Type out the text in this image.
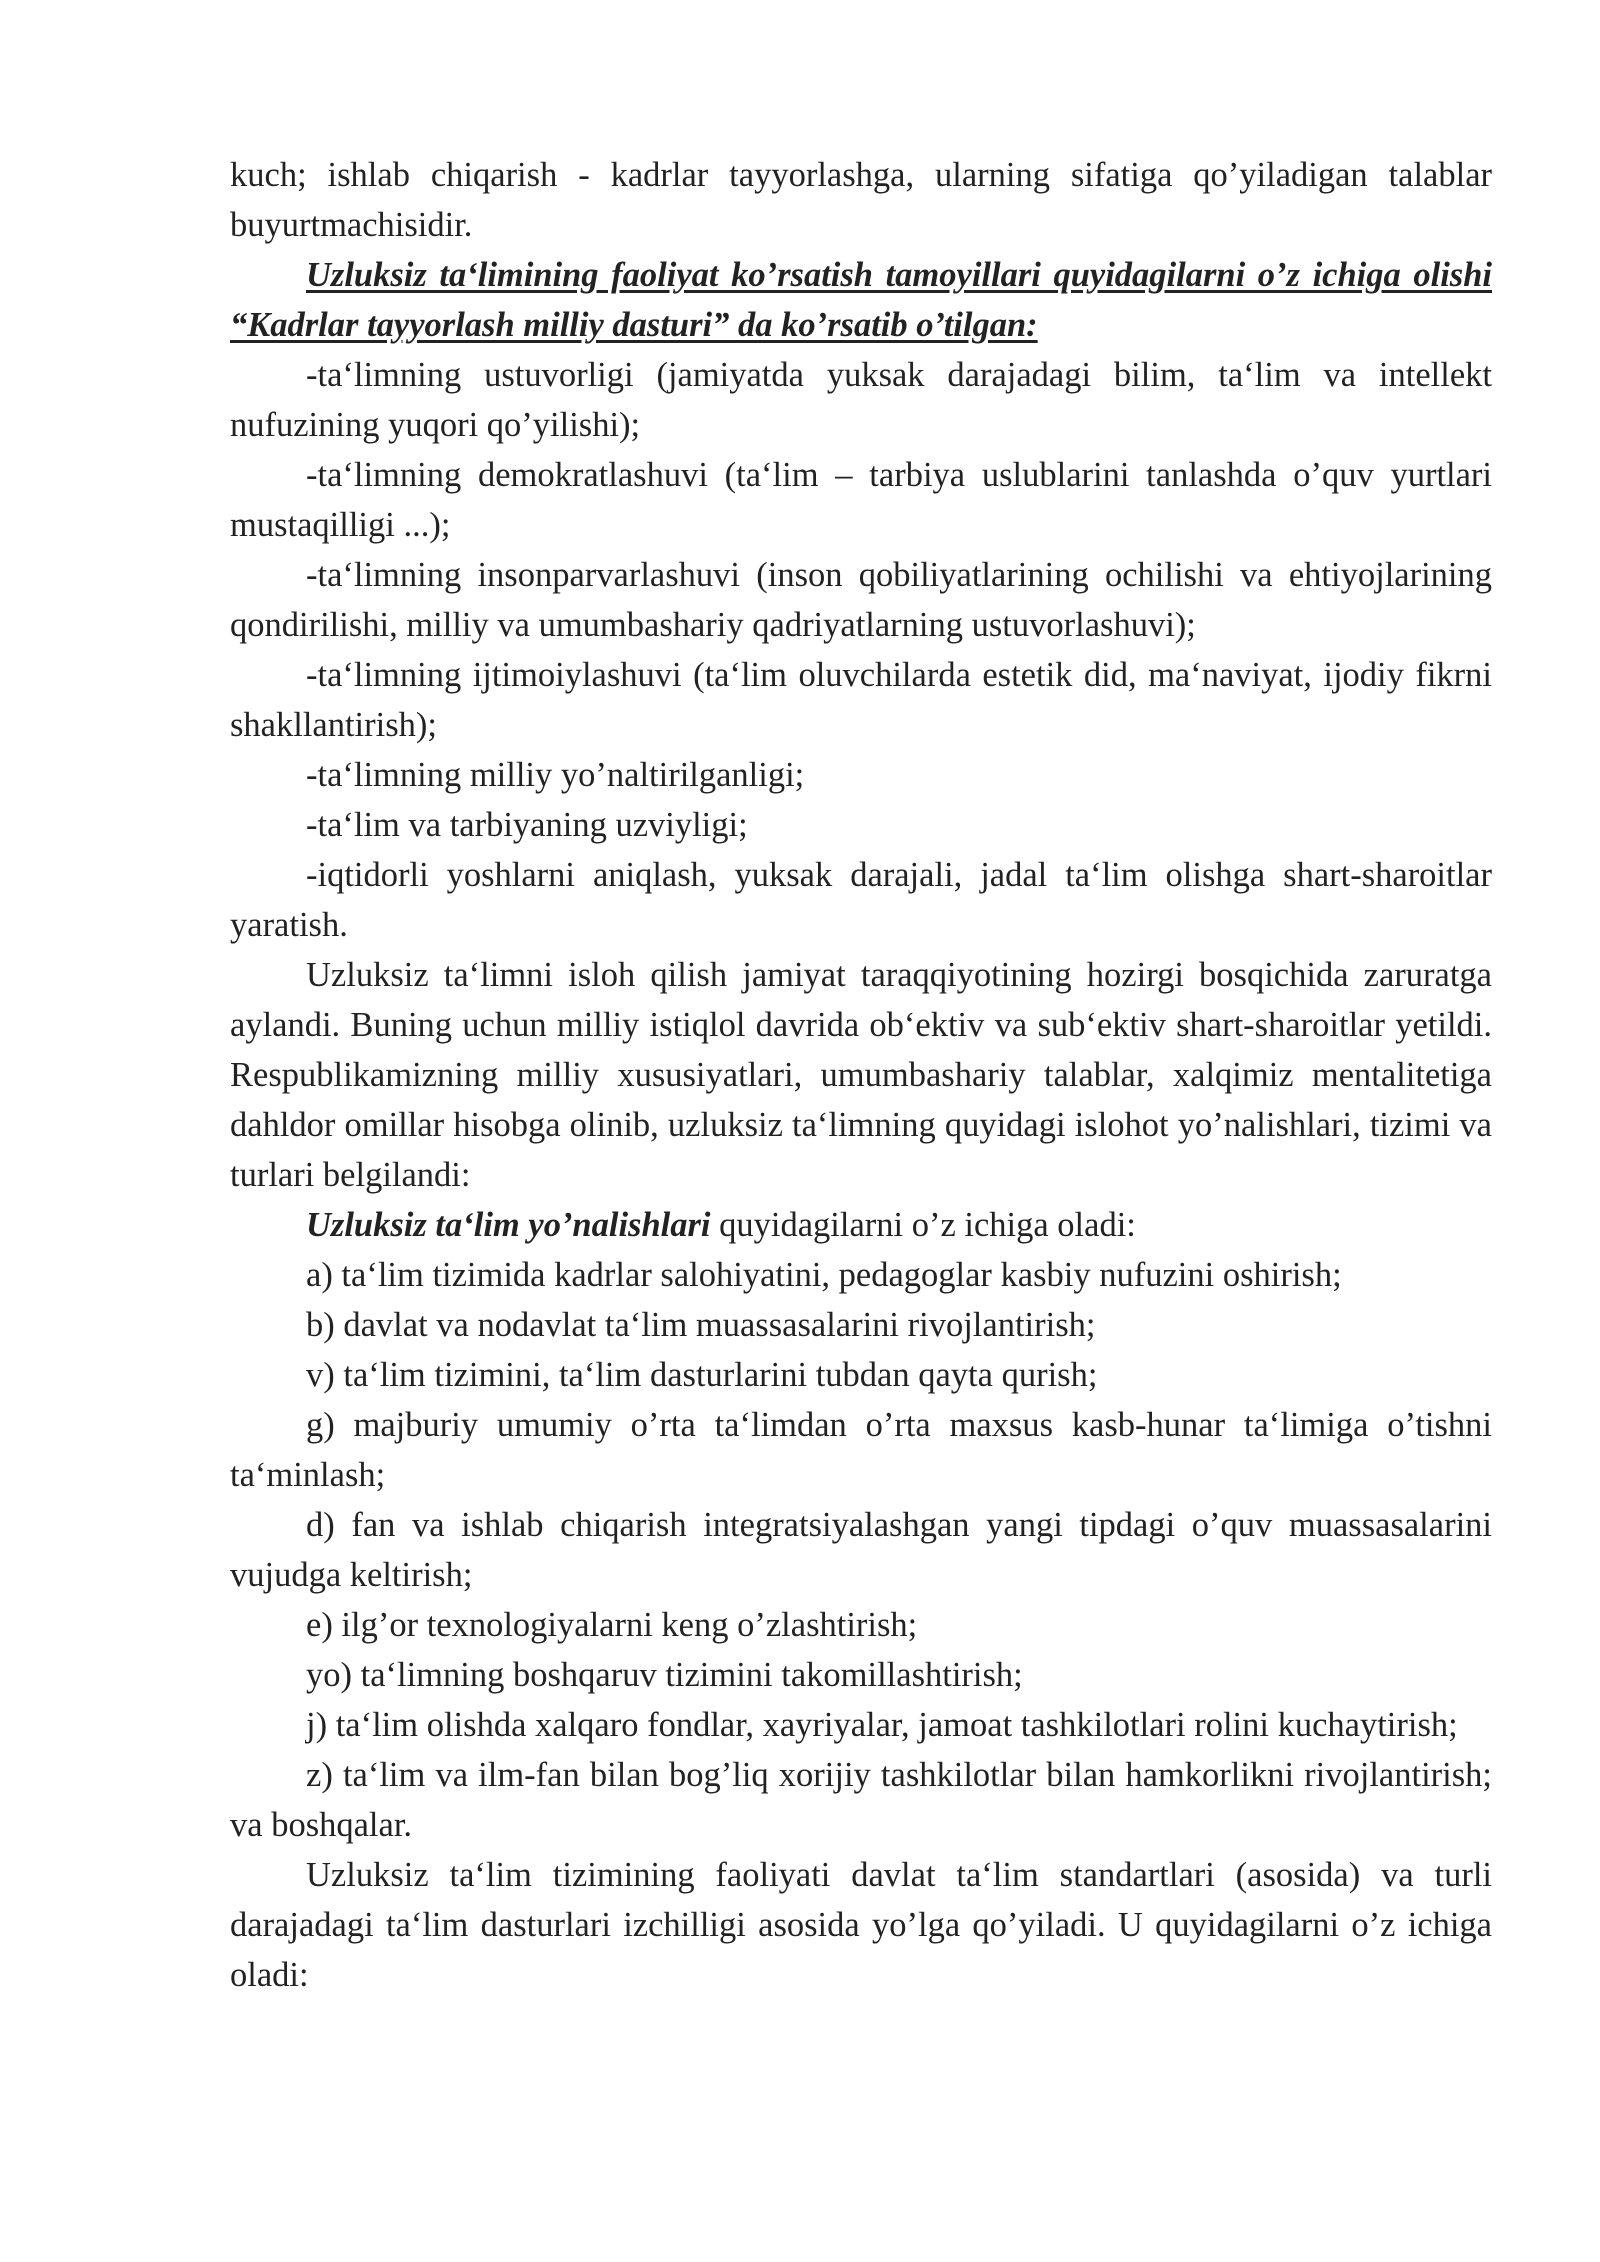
kuch; ishlab chiqarish - kadrlar tayyorlashga, ularning sifatiga qo’yiladigan talablar buyurtmachisidir.

Uzluksiz ta‘limining faoliyat ko’rsatish tamoyillari quyidagilarni o’z ichiga olishi “Kadrlar tayyorlash milliy dasturi” da ko’rsatib o’tilgan:

-ta‘limning ustuvorligi (jamiyatda yuksak darajadagi bilim, ta‘lim va intellekt nufuzining yuqori qo’yilishi);

-ta‘limning demokratlashuvi (ta‘lim – tarbiya uslublarini tanlashda o’quv yurtlari mustaqilligi ...);

-ta‘limning insonparvarlashuvi (inson qobiliyatlarining ochilishi va ehtiyojlarining qondirilishi, milliy va umumbashariy qadriyatlarning ustuvorlashuvi);

-ta‘limning ijtimoiylashuvi (ta‘lim oluvchilarda estetik did, ma‘naviyat, ijodiy fikrni shakllantirish);

-ta‘limning milliy yo’naltirilganligi;

-ta‘lim va tarbiyaning uzviyligi;

-iqtidorli yoshlarni aniqlash, yuksak darajali, jadal ta‘lim olishga shart-sharoitlar yaratish.

Uzluksiz ta‘limni isloh qilish jamiyat taraqqiyotining hozirgi bosqichida zaruratga aylandi. Buning uchun milliy istiqlol davrida ob‘ektiv va sub‘ektiv shart-sharoitlar yetildi. Respublikamizning milliy xususiyatlari, umumbashariy talablar, xalqimiz mentalitetiga dahldor omillar hisobga olinib, uzluksiz ta‘limning quyidagi islohot yo’nalishlari, tizimi va turlari belgilandi:

Uzluksiz ta‘lim yo’nalishlari quyidagilarni o’z ichiga oladi:

a) ta‘lim tizimida kadrlar salohiyatini, pedagoglar kasbiy nufuzini oshirish;

b) davlat va nodavlat ta‘lim muassasalarini rivojlantirish;

v) ta‘lim tizimini, ta‘lim dasturlarini tubdan qayta qurish;

g) majburiy umumiy o’rta ta‘limdan o’rta maxsus kasb-hunar ta‘limiga o’tishni ta‘minlash;

d) fan va ishlab chiqarish integratsiyalashgan yangi tipdagi o’quv muassasalarini vujudga keltirish;

e) ilg’or texnologiyalarni keng o’zlashtirish;

yo) ta‘limning boshqaruv tizimini takomillashtirish;

j) ta‘lim olishda xalqaro fondlar, xayriyalar, jamoat tashkilotlari rolini kuchaytirish;

z) ta‘lim va ilm-fan bilan bog’liq xorijiy tashkilotlar bilan hamkorlikni rivojlantirish; va boshqalar.

Uzluksiz ta‘lim tizimining faoliyati davlat ta‘lim standartlari (asosida) va turli darajadagi ta‘lim dasturlari izchilligi asosida yo’lga qo’yiladi. U quyidagilarni o’z ichiga oladi:
